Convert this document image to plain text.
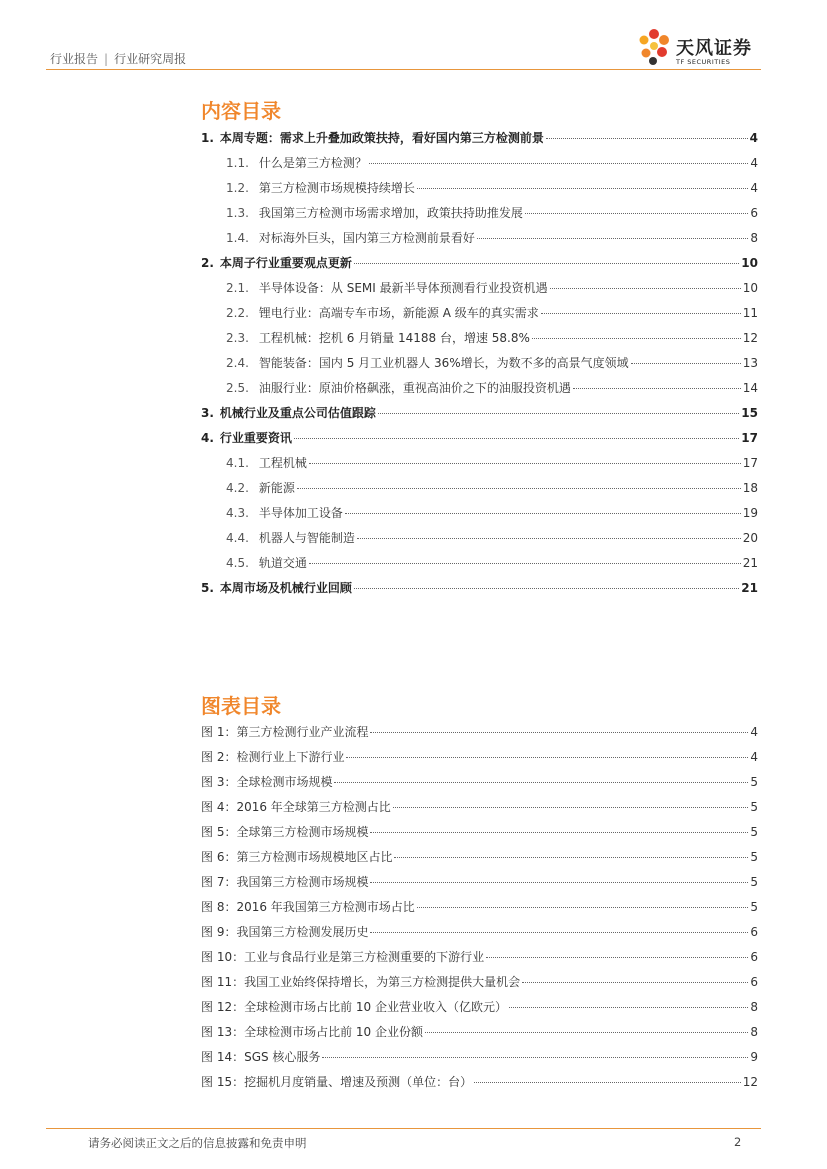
行业报告 | 行业研究周报	天风证券
TF SECURITIES
内容目录
1. 本周专题：需求上升叠加政策扶持，看好国内第三方检测前景	4
1.1. 什么是第三方检测？	4
1.2. 第三方检测市场规模持续增长	4
1.3. 我国第三方检测市场需求增加，政策扶持助推发展	6
1.4. 对标海外巨头，国内第三方检测前景看好	8
2. 本周子行业重要观点更新	10
2.1. 半导体设备：从 SEMI 最新半导体预测看行业投资机遇	10
2.2. 锂电行业：高端专车市场，新能源 A 级车的真实需求	11
2.3. 工程机械：挖机 6 月销量 14188 台，增速 58.8%	12
2.4. 智能装备：国内 5 月工业机器人 36%增长，为数不多的高景气度领域	13
2.5. 油服行业：原油价格飙涨，重视高油价之下的油服投资机遇	14
3. 机械行业及重点公司估值跟踪	15
4. 行业重要资讯	17
4.1. 工程机械	17
4.2. 新能源	18
4.3. 半导体加工设备	19
4.4. 机器人与智能制造	20
4.5. 轨道交通	21
5. 本周市场及机械行业回顾	21
图表目录
图 1：第三方检测行业产业流程	4
图 2：检测行业上下游行业	4
图 3：全球检测市场规模	5
图 4：2016 年全球第三方检测占比	5
图 5：全球第三方检测市场规模	5
图 6：第三方检测市场规模地区占比	5
图 7：我国第三方检测市场规模	5
图 8：2016 年我国第三方检测市场占比	5
图 9：我国第三方检测发展历史	6
图 10：工业与食品行业是第三方检测重要的下游行业	6
图 11：我国工业始终保持增长，为第三方检测提供大量机会	6
图 12：全球检测市场占比前 10 企业营业收入（亿欧元）	8
图 13：全球检测市场占比前 10 企业份额	8
图 14：SGS 核心服务	9
图 15：挖掘机月度销量、增速及预测（单位：台）	12
请务必阅读正文之后的信息披露和免责申明	2
